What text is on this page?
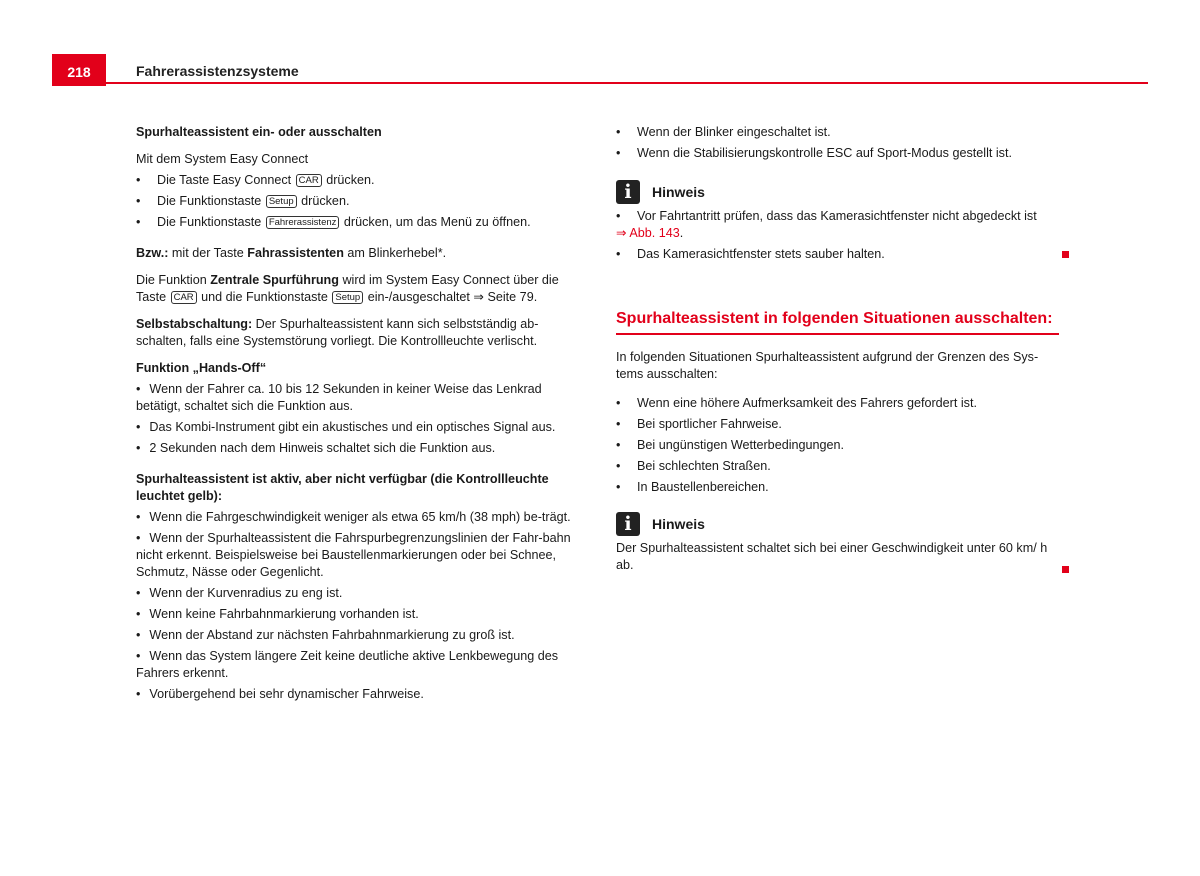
218	Fahrerassistenzsysteme

Spurhalteassistent ein- oder ausschalten

Mit dem System Easy Connect

• Die Taste Easy Connect CAR drücken.
• Die Funktionstaste Setup drücken.
• Die Funktionstaste Fahrerassistenz drücken, um das Menü zu öffnen.

Bzw.: mit der Taste Fahrassistenten am Blinkerhebel*.

Die Funktion Zentrale Spurführung wird im System Easy Connect über die Taste CAR und die Funktionstaste Setup ein-/ausgeschaltet ⇒ Seite 79.

Selbstabschaltung: Der Spurhalteassistent kann sich selbstständig ab-schalten, falls eine Systemstörung vorliegt. Die Kontrollleuchte verlischt.

Funktion „Hands-Off“

• Wenn der Fahrer ca. 10 bis 12 Sekunden in keiner Weise das Lenkrad betätigt, schaltet sich die Funktion aus.
• Das Kombi-Instrument gibt ein akustisches und ein optisches Signal aus.
• 2 Sekunden nach dem Hinweis schaltet sich die Funktion aus.

Spurhalteassistent ist aktiv, aber nicht verfügbar (die Kontrollleuchte leuchtet gelb):

• Wenn die Fahrgeschwindigkeit weniger als etwa 65 km/h (38 mph) be-trägt.
• Wenn der Spurhalteassistent die Fahrspurbegrenzungslinien der Fahr-bahn nicht erkennt. Beispielsweise bei Baustellenmarkierungen oder bei Schnee, Schmutz, Nässe oder Gegenlicht.
• Wenn der Kurvenradius zu eng ist.
• Wenn keine Fahrbahnmarkierung vorhanden ist.
• Wenn der Abstand zur nächsten Fahrbahnmarkierung zu groß ist.
• Wenn das System längere Zeit keine deutliche aktive Lenkbewegung des Fahrers erkennt.
• Vorübergehend bei sehr dynamischer Fahrweise.
• Wenn der Blinker eingeschaltet ist.
• Wenn die Stabilisierungskontrolle ESC auf Sport-Modus gestellt ist.
i	Hinweis
• Vor Fahrtantritt prüfen, dass das Kamerasichtfenster nicht abgedeckt ist
⇒ Abb. 143.
• Das Kamerasichtfenster stets sauber halten.
Spurhalteassistent in folgenden Situationen ausschalten:

In folgenden Situationen Spurhalteassistent aufgrund der Grenzen des Sys-tems ausschalten:

• Wenn eine höhere Aufmerksamkeit des Fahrers gefordert ist.
• Bei sportlicher Fahrweise.
• Bei ungünstigen Wetterbedingungen.
• Bei schlechten Straßen.
• In Baustellenbereichen.
i	Hinweis

Der Spurhalteassistent schaltet sich bei einer Geschwindigkeit unter 60 km/ h ab.
